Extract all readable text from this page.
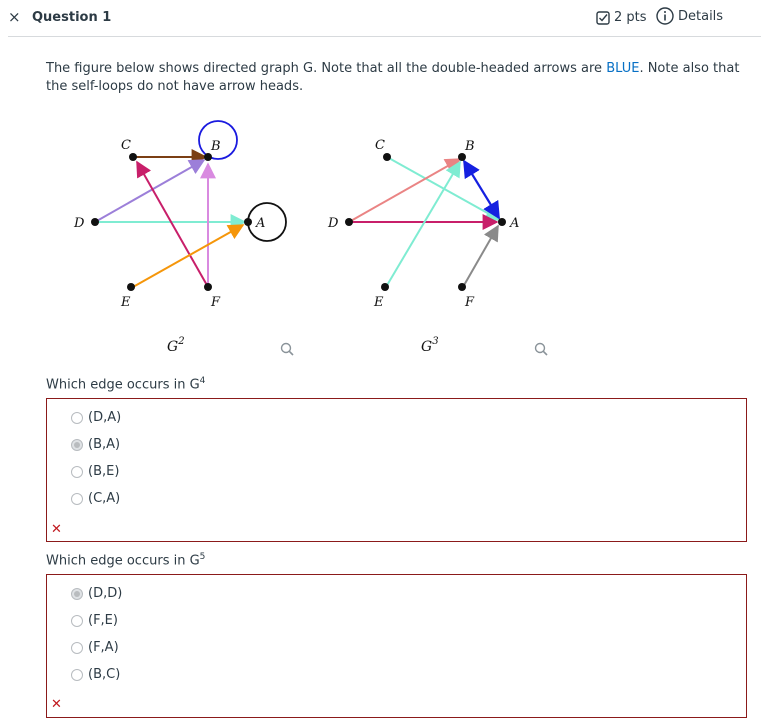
× Question 1	2 pts Details
The figure below shows directed graph G. Note that all the double-headed arrows are BLUE. Note also that the self-loops do not have arrow heads.
C	B
D	A
E	F
$G^2$
C	B
D	A
E	F
$G^3$
Which edge occurs in $G^4$
(D,A)
(B,A)
(B,E)
(C,A)
✕
Which edge occurs in $G^5$
(D,D)
(F,E)
(F,A)
(B,C)
✕
